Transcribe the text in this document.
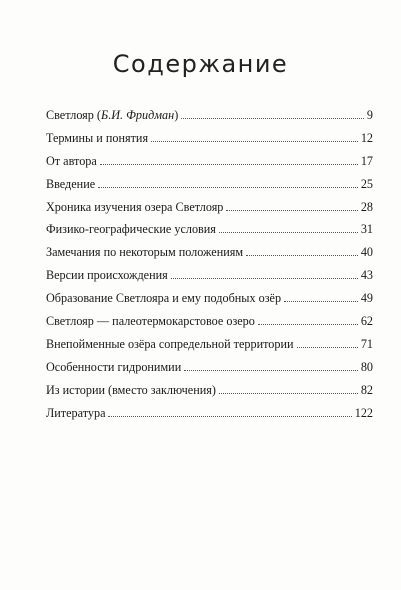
Содержание
Светлояр (Б.И. Фридман)	9
Термины и понятия	12
От автора	17
Введение	25
Хроника изучения озера Светлояр	28
Физико-географические условия	31
Замечания по некоторым положениям	40
Версии происхождения	43
Образование Светлояра и ему подобных озёр	49
Светлояр — палеотермокарстовое озеро	62
Внепойменные озёра сопредельной территории	71
Особенности гидронимии	80
Из истории (вместо заключения)	82
Литература	122
